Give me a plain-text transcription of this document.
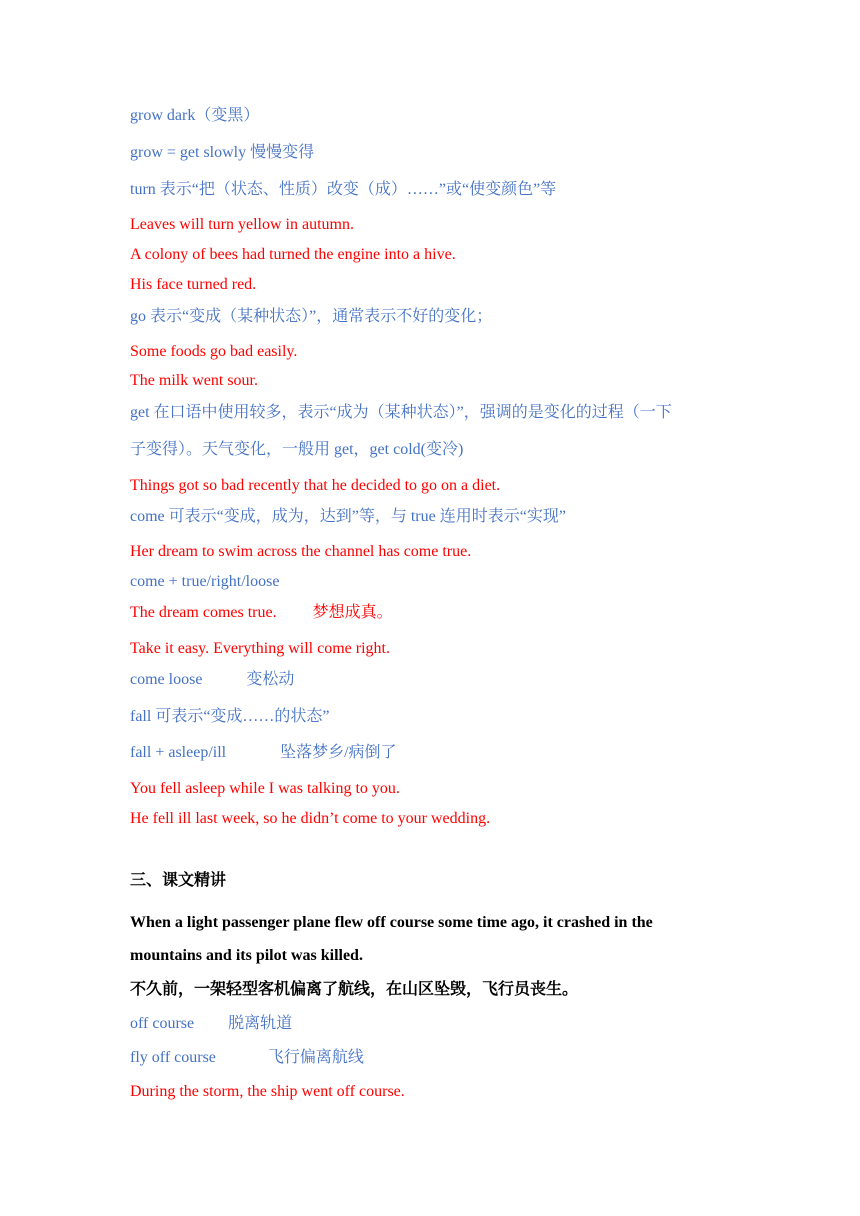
grow dark（变黑）
grow = get slowly 慢慢变得
turn 表示“把（状态、性质）改变（成）……”或“使变颜色”等
Leaves will turn yellow in autumn.
A colony of bees had turned the engine into a hive.
His face turned red.
go 表示“变成（某种状态）”，通常表示不好的变化；
Some foods go bad easily.
The milk went sour.
get 在口语中使用较多，表示“成为（某种状态）”，强调的是变化的过程（一下
子变得）。天气变化，一般用 get，get cold(变冷)
Things got so bad recently that he decided to go on a diet.
come 可表示“变成，成为，达到”等，与 true 连用时表示“实现”
Her dream to swim across the channel has come true.
come + true/right/loose
The dream comes true. 梦想成真。
Take it easy. Everything will come right.
come loose	变松动
fall 可表示“变成……的状态”
fall + asleep/ill	坠落梦乡/病倒了
You fell asleep while I was talking to you.
He fell ill last week, so he didn’t come to your wedding.
三、课文精讲
When a light passenger plane flew off course some time ago, it crashed in the
mountains and its pilot was killed.
不久前，一架轻型客机偏离了航线，在山区坠毁，飞行员丧生。
off course 脱离轨道
fly off course	飞行偏离航线
During the storm, the ship went off course.
